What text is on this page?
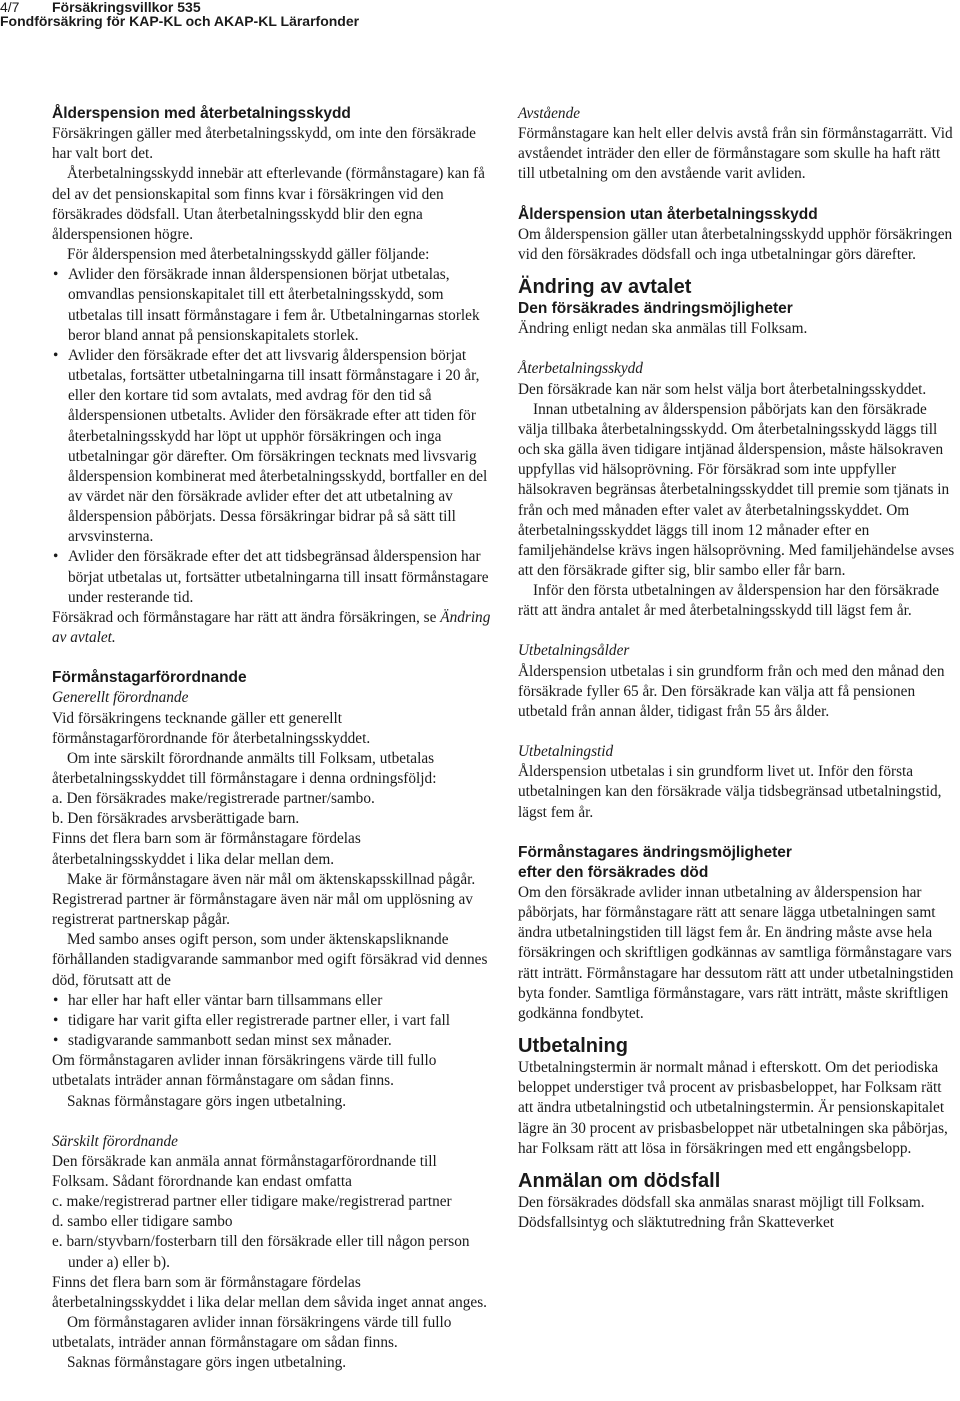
4/7 Försäkringsvillkor 535
Fondförsäkring för KAP-KL och AKAP-KL Lärarfonder

Ålderspension med återbetalningsskydd

Försäkringen gäller med återbetalningsskydd, om inte den försäkrade har valt bort det.

Återbetalningsskydd innebär att efterlevande (förmånstagare) kan få del av det pensionskapital som finns kvar i försäkringen vid den försäkrades dödsfall. Utan återbetalningsskydd blir den egna ålderspensionen högre.

För ålderspension med återbetalningsskydd gäller följande:

• Avlider den försäkrade innan ålderspensionen börjat utbetalas, omvandlas pensionskapitalet till ett återbetalningsskydd, som utbetalas till insatt förmånstagare i fem år. Utbetalningarnas storlek beror bland annat på pensionskapitalets storlek.
• Avlider den försäkrade efter det att livsvarig ålderspension börjat utbetalas, fortsätter utbetalningarna till insatt förmånstagare i 20 år, eller den kortare tid som avtalats, med avdrag för den tid så ålderspensionen utbetalts. Avlider den försäkrade efter att tiden för återbetalningsskydd har löpt ut upphör försäkringen och inga utbetalningar gör därefter. Om försäkringen tecknats med livsvarig ålderspension kombinerat med återbetalningsskydd, bortfaller en del av värdet när den försäkrade avlider efter det att utbetalning av ålderspension påbörjats. Dessa försäkringar bidrar på så sätt till arvsvinsterna.
• Avlider den försäkrade efter det att tidsbegränsad ålderspension har börjat utbetalas ut, fortsätter utbetalningarna till insatt förmånstagare under resterande tid.

Försäkrad och förmånstagare har rätt att ändra försäkringen, se Ändring av avtalet.

Förmånstagarförordnande

Generellt förordnande

Vid försäkringens tecknande gäller ett generellt förmånstagarförordnande för återbetalningsskyddet.

Om inte särskilt förordnande anmälts till Folksam, utbetalas återbetalningsskyddet till förmånstagare i denna ordningsföljd:

a. Den försäkrades make/registrerade partner/sambo.

b. Den försäkrades arvsberättigade barn.

Finns det flera barn som är förmånstagare fördelas återbetalningsskyddet i lika delar mellan dem.

Make är förmånstagare även när mål om äktenskapsskillnad pågår. Registrerad partner är förmånstagare även när mål om upplösning av registrerat partnerskap pågår.

Med sambo anses ogift person, som under äktenskapsliknande förhållanden stadigvarande sammanbor med ogift försäkrad vid dennes död, förutsatt att de

• har eller har haft eller väntar barn tillsammans eller
• tidigare har varit gifta eller registrerade partner eller, i vart fall
• stadigvarande sammanbott sedan minst sex månader.

Om förmånstagaren avlider innan försäkringens värde till fullo utbetalats inträder annan förmånstagare om sådan finns.

Saknas förmånstagare görs ingen utbetalning.

Särskilt förordnande

Den försäkrade kan anmäla annat förmånstagarförordnande till Folksam. Sådant förordnande kan endast omfatta

c. make/registrerad partner eller tidigare make/registrerad partner

d. sambo eller tidigare sambo

e. barn/styvbarn/fosterbarn till den försäkrade eller till någon person under a) eller b).

Finns det flera barn som är förmånstagare fördelas återbetalningsskyddet i lika delar mellan dem såvida inget annat anges.

Om förmånstagaren avlider innan försäkringens värde till fullo utbetalats, inträder annan förmånstagare om sådan finns.

Saknas förmånstagare görs ingen utbetalning.

Avstående

Förmånstagare kan helt eller delvis avstå från sin förmånstagarrätt. Vid avståendet inträder den eller de förmånstagare som skulle ha haft rätt till utbetalning om den avstående varit avliden.

Ålderspension utan återbetalningsskydd

Om ålderspension gäller utan återbetalningsskydd upphör försäkringen vid den försäkrades dödsfall och inga utbetalningar görs därefter.

Ändring av avtalet

Den försäkrades ändringsmöjligheter

Ändring enligt nedan ska anmälas till Folksam.

Återbetalningsskydd

Den försäkrade kan när som helst välja bort återbetalningsskyddet.

Innan utbetalning av ålderspension påbörjats kan den försäkrade välja tillbaka återbetalningsskydd. Om återbetalningsskydd läggs till och ska gälla även tidigare intjänad ålderspension, måste hälsokraven uppfyllas vid hälsoprövning. För försäkrad som inte uppfyller hälsokraven begränsas återbetalningsskyddet till premie som tjänats in från och med månaden efter valet av återbetalningsskyddet. Om återbetalningsskyddet läggs till inom 12 månader efter en familjehändelse krävs ingen hälsoprövning. Med familjehändelse avses att den försäkrade gifter sig, blir sambo eller får barn.

Inför den första utbetalningen av ålderspension har den försäkrade rätt att ändra antalet år med återbetalningsskydd till lägst fem år.

Utbetalningsålder

Ålderspension utbetalas i sin grundform från och med den månad den försäkrade fyller 65 år. Den försäkrade kan välja att få pensionen utbetald från annan ålder, tidigast från 55 års ålder.

Utbetalningstid

Ålderspension utbetalas i sin grundform livet ut. Inför den första utbetalningen kan den försäkrade välja tidsbegränsad utbetalningstid, lägst fem år.

Förmånstagares ändringsmöjligheter

efter den försäkrades död

Om den försäkrade avlider innan utbetalning av ålderspension har påbörjats, har förmånstagare rätt att senare lägga utbetalningen samt ändra utbetalningstiden till lägst fem år. En ändring måste avse hela försäkringen och skriftligen godkännas av samtliga förmånstagare vars rätt inträtt. Förmånstagare har dessutom rätt att under utbetalningstiden byta fonder. Samtliga förmånstagare, vars rätt inträtt, måste skriftligen godkänna fondbytet.

Utbetalning

Utbetalningstermin är normalt månad i efterskott. Om det periodiska beloppet understiger två procent av prisbasbeloppet, har Folksam rätt att ändra utbetalningstid och utbetalningstermin. Är pensionskapitalet lägre än 30 procent av prisbasbeloppet när utbetalningen ska påbörjas, har Folksam rätt att lösa in försäkringen med ett engångsbelopp.

Anmälan om dödsfall

Den försäkrades dödsfall ska anmälas snarast möjligt till Folksam. Dödsfallsintyg och släktutredning från Skatteverket
